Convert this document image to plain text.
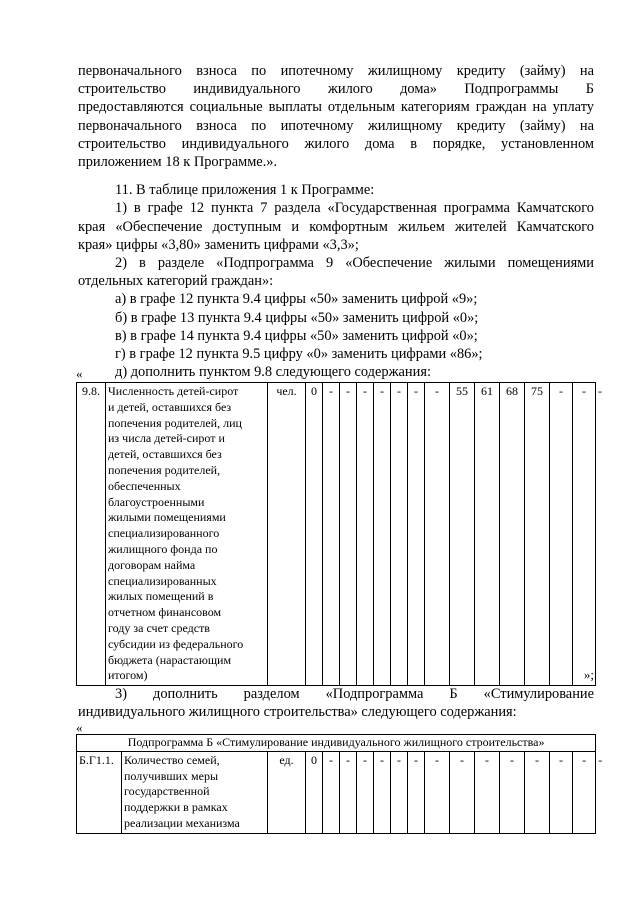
первоначального взноса по ипотечному жилищному кредиту (займу) на

строительство индивидуального жилого дома» Подпрограммы Б

предоставляются социальные выплаты отдельным категориям граждан на уплату

первоначального взноса по ипотечному жилищному кредиту (займу) на

строительство индивидуального жилого дома в порядке, установленном

приложением 18 к Программе.».

11. В таблице приложения 1 к Программе:

1) в графе 12 пункта 7 раздела «Государственная программа Камчатского

края «Обеспечение доступным и комфортным жильем жителей Камчатского

края» цифры «3,80» заменить цифрами «3,3»;

2) в разделе «Подпрограмма 9 «Обеспечение жилыми помещениями

отдельных категорий граждан»:

а) в графе 12 пункта 9.4 цифры «50» заменить цифрой «9»;

б) в графе 13 пункта 9.4 цифры «50» заменить цифрой «0»;

в) в графе 14 пункта 9.4 цифры «50» заменить цифрой «0»;

г) в графе 12 пункта 9.5 цифру «0» заменить цифрами «86»;

д) дополнить пунктом 9.8 следующего содержания:

«
9.8.	Численность детей-сирот
и детей, оставшихся без
попечения родителей, лиц
из числа детей-сирот и
детей, оставшихся без
попечения родителей,
обеспеченных
благоустроенными
жилыми помещениями
специализированного
жилищного фонда по
договорам найма
специализированных
жилых помещений в
отчетном финансовом
году за счет средств
субсидии из федерального
бюджета (нарастающим
итогом)
	чел.	0	-	-	-	-	-	-	-	55	61	68	75	-	-	-
»;

3) дополнить разделом «Подпрограмма Б «Стимулирование

индивидуального жилищного строительства» следующего содержания:

«
Подпрограмма Б «Стимулирование индивидуального жилищного строительства»
Б.Г1.1.	Количество семей,
получивших меры
государственной
поддержки в рамках
реализации механизма
	ед.	0	-	-	-	-	-	-	-	-	-	-	-	-	-	-
